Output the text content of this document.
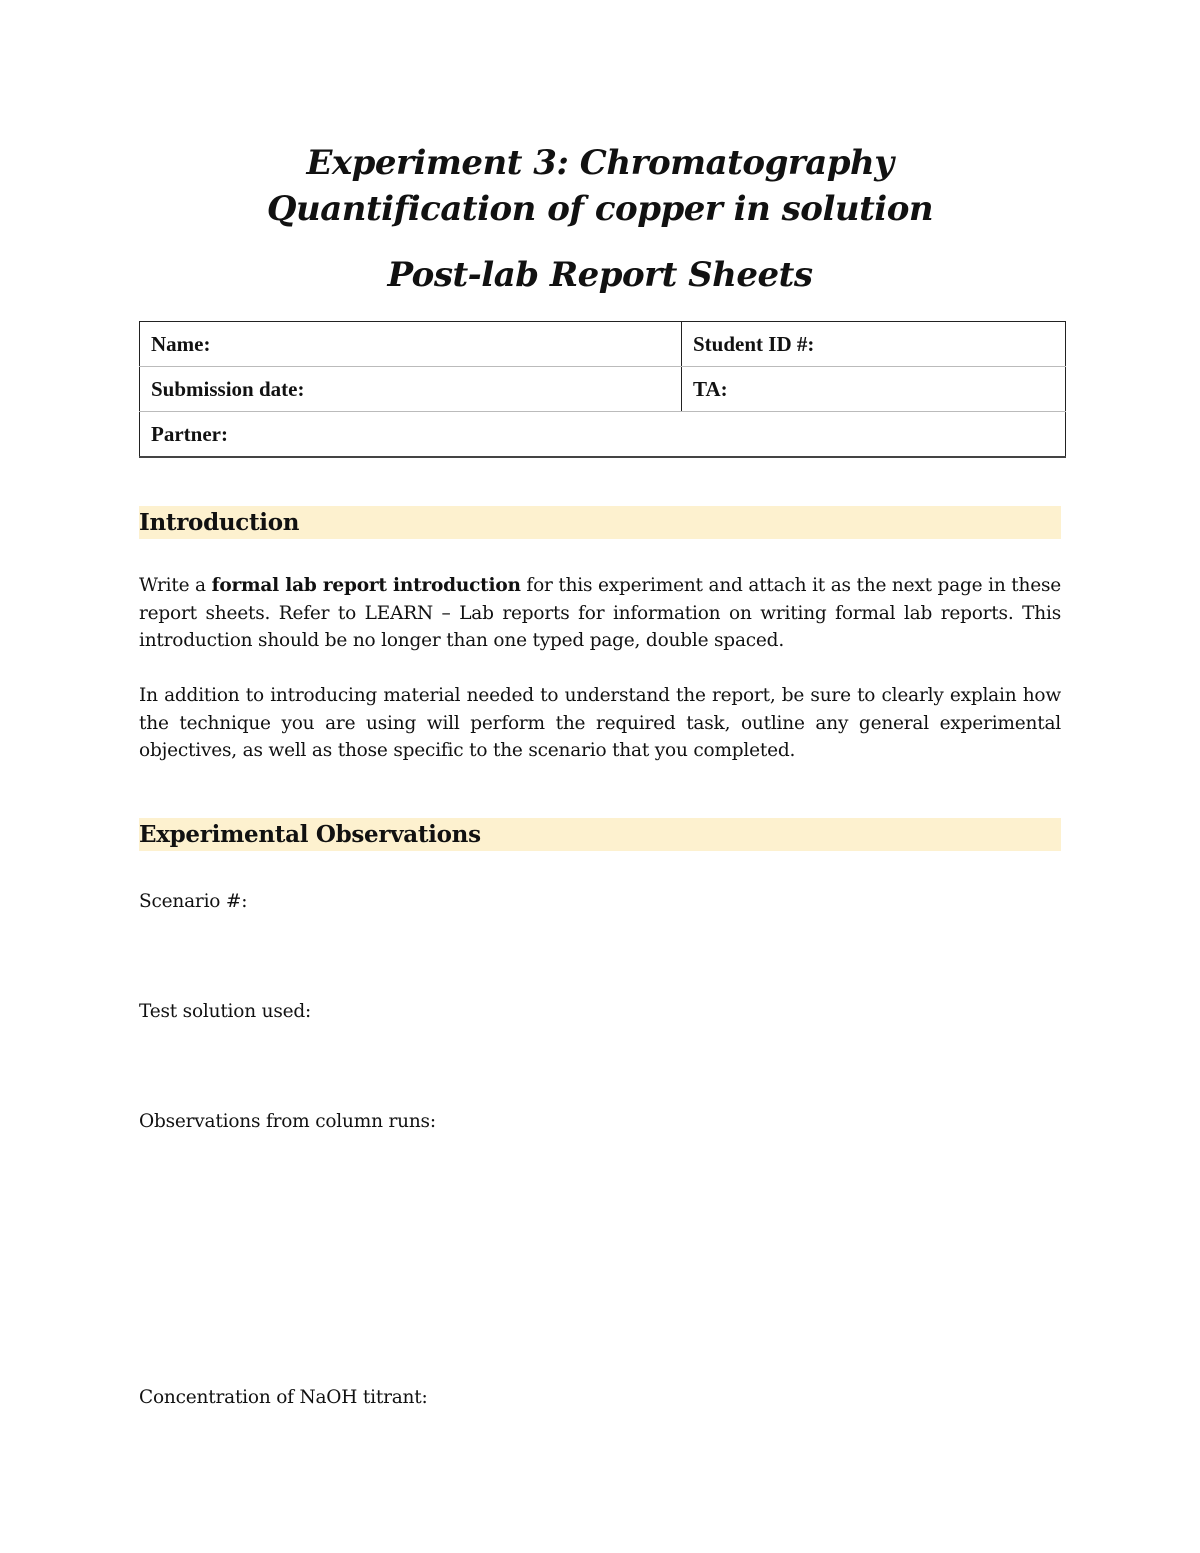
Experiment 3: Chromatography
Quantification of copper in solution
Post-lab Report Sheets
Name:	Student ID #:
Submission date:	TA:
Partner:	
Introduction
Write a formal lab report introduction for this experiment and attach it as the next page in these report sheets. Refer to LEARN – Lab reports for information on writing formal lab reports. This introduction should be no longer than one typed page, double spaced.
In addition to introducing material needed to understand the report, be sure to clearly explain how the technique you are using will perform the required task, outline any general experimental objectives, as well as those specific to the scenario that you completed.
Experimental Observations
Scenario #:
Test solution used:
Observations from column runs:
Concentration of NaOH titrant:
